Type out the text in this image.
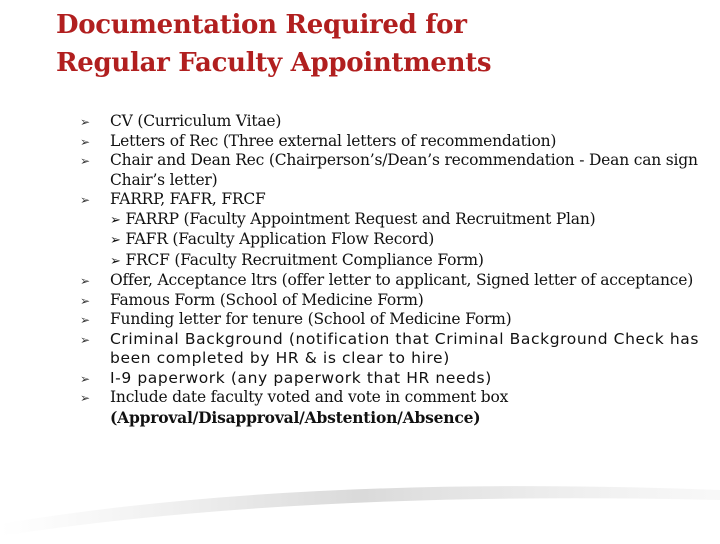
Documentation Required for
Regular Faculty Appointments
➢ CV (Curriculum Vitae)
➢ Letters of Rec (Three external letters of recommendation)
➢ Chair and Dean Rec (Chairperson’s/Dean’s recommendation - Dean can sign Chair’s letter)
➢ FARRP, FAFR, FRCF
➢ FARRP (Faculty Appointment Request and Recruitment Plan)
➢ FAFR (Faculty Application Flow Record)
➢ FRCF (Faculty Recruitment Compliance Form)
➢ Offer, Acceptance ltrs (offer letter to applicant, Signed letter of acceptance)
➢ Famous Form (School of Medicine Form)
➢ Funding letter for tenure (School of Medicine Form)
➢ Criminal Background (notification that Criminal Background Check has been completed by HR & is clear to hire)
➢ I-9 paperwork (any paperwork that HR needs)
➢ Include date faculty voted and vote in comment box
(Approval/Disapproval/Abstention/Absence)
